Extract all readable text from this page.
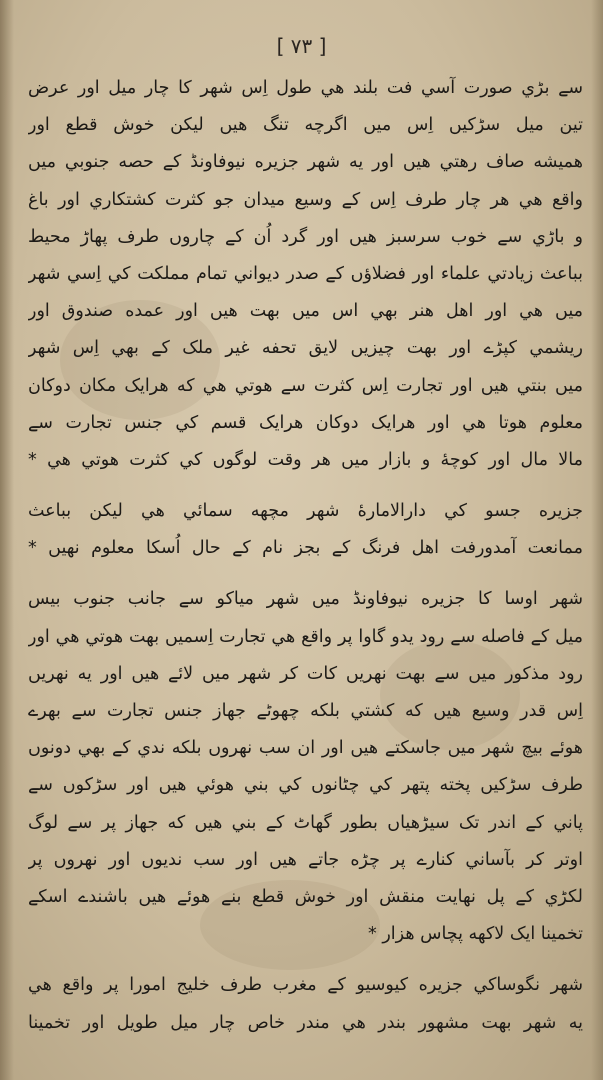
[ ٧٣ ]
سے بڑي صورت آسي فت بلند هي طول اِس شهر کا چار ميل اور عرض
تين ميل سڑکيں اِس ميں اگرچه تنگ هيں ليکن خوش قطع اور
هميشه صاف رهتي هيں اور يه شهر جزيره نيوفاونڈ کے حصه جنوبي ميں
واقع هي هر چار طرف اِس کے وسيع ميدان جو کثرت کشتکاري اور باغ
و باڑي سے خوب سرسبز هيں اور گرد اُن کے چاروں طرف پهاڑ محيط
بباعث زيادتي علماء اور فضلاؤں کے صدر ديواني تمام مملکت کي اِسي شهر
ميں هي اور اهل هنر بهي اس ميں بهت هيں اور عمده صندوق اور
ريشمي کپڑے اور بهت چيزيں لايق تحفه غير ملک کے بهي اِس شهر
ميں بنتي هيں اور تجارت اِس کثرت سے هوتي هي که هرايک مکان دوکان
معلوم هوتا هي اور هرايک دوکان هرايک قسم کي جنس تجارت سے
مالا مال اور کوچۀ و بازار ميں هر وقت لوگوں کي کثرت هوتي هي *
جزيره جسو کي دارالامارۀ شهر مچهه سمائي هي ليکن بباعث
ممانعت آمدورفت اهل فرنگ کے بجز نام کے حال اُسکا معلوم نهيں *
شهر اوسا کا جزيره نيوفاونڈ ميں شهر مياکو سے جانب جنوب بيس
ميل کے فاصله سے رود يدو گاوا پر واقع هي تجارت اِسميں بهت هوتي هي اور
رود مذکور ميں سے بهت نهريں کات کر شهر ميں لائے هيں اور يه نهريں
اِس قدر وسيع هيں که کشتي بلکه چهوٹے جهاز جنس تجارت سے بهرے
هوئے بيچ شهر ميں جاسکتے هيں اور ان سب نهروں بلکه ندي کے بهي دونوں
طرف سڑکيں پخته پتهر کي چٹانوں کي بني هوئي هيں اور سڑکوں سے
پاني کے اندر تک سيڑهياں بطور گهاٹ کے بني هيں که جهاز پر سے لوگ
اوتر کر بآساني کنارے پر چڑه جاتے هيں اور سب ندیوں اور نهروں پر
لکڑي کے پل نهايت منقش اور خوش قطع بنے هوئے هيں باشندے اسکے
تخمينا ايک لاکهه پچاس هزار *
شهر نگوساکي جزيره کيوسيو کے مغرب طرف خليج امورا پر واقع هي
يه شهر بهت مشهور بندر هي مندر خاص چار ميل طويل اور تخمينا
